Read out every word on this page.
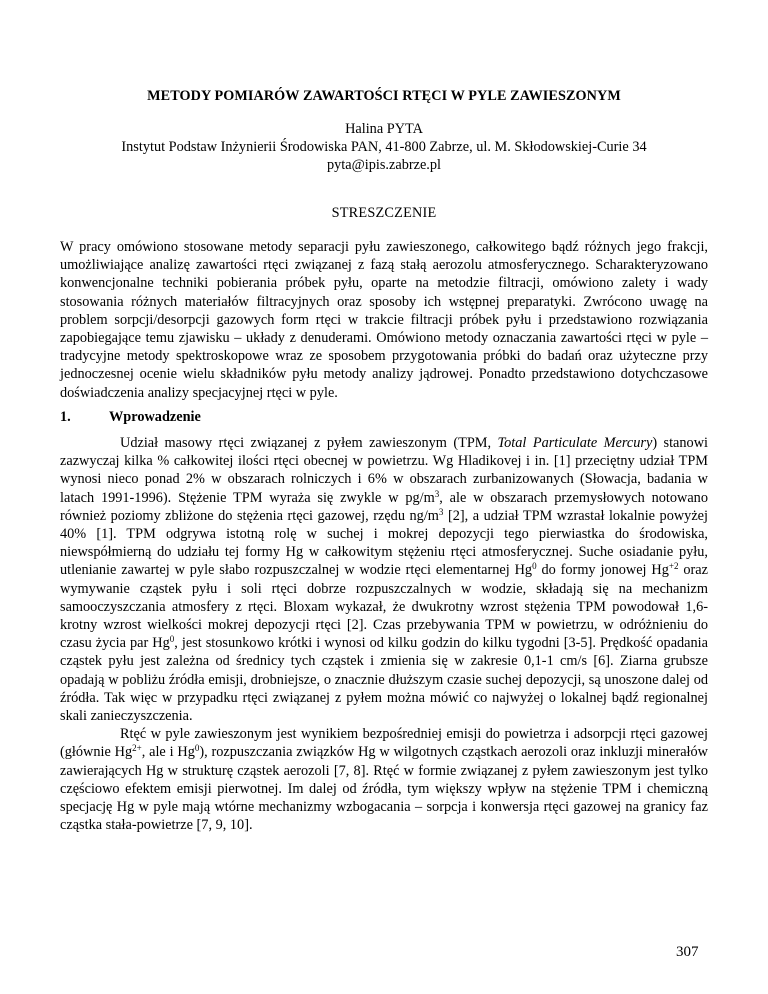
METODY POMIARÓW ZAWARTOŚCI RTĘCI W PYLE ZAWIESZONYM
Halina PYTA
Instytut Podstaw Inżynierii Środowiska PAN, 41-800 Zabrze, ul. M. Skłodowskiej-Curie 34
pyta@ipis.zabrze.pl
STRESZCZENIE

W pracy omówiono stosowane metody separacji pyłu zawieszonego, całkowitego bądź różnych jego frakcji, umożliwiające analizę zawartości rtęci związanej z fazą stałą aerozolu atmosferycznego. Scharakteryzowano konwencjonalne techniki pobierania próbek pyłu, oparte na metodzie filtracji, omówiono zalety i wady stosowania różnych materiałów filtracyjnych oraz sposoby ich wstępnej preparatyki. Zwrócono uwagę na problem sorpcji/desorpcji gazowych form rtęci w trakcie filtracji próbek pyłu i przedstawiono rozwiązania zapobiegające temu zjawisku – układy z denuderami. Omówiono metody oznaczania zawartości rtęci w pyle – tradycyjne metody spektroskopowe wraz ze sposobem przygotowania próbki do badań oraz użyteczne przy jednoczesnej ocenie wielu składników pyłu metody analizy jądrowej. Ponadto przedstawiono dotychczasowe doświadczenia analizy specjacyjnej rtęci w pyle.

1.	Wprowadzenie

Udział masowy rtęci związanej z pyłem zawieszonym (TPM, Total Particulate Mercury) stanowi zazwyczaj kilka % całkowitej ilości rtęci obecnej w powietrzu. Wg Hladikovej i in. [1] przeciętny udział TPM wynosi nieco ponad 2% w obszarach rolniczych i 6% w obszarach zurbanizowanych (Słowacja, badania w latach 1991-1996). Stężenie TPM wyraża się zwykle w $pg/m^3$, ale w obszarach przemysłowych notowano również poziomy zbliżone do stężenia rtęci gazowej, rzędu $ng/m^3$ [2], a udział TPM wzrastał lokalnie powyżej 40% [1]. TPM odgrywa istotną rolę w suchej i mokrej depozycji tego pierwiastka do środowiska, niewspółmierną do udziału tej formy Hg w całkowitym stężeniu rtęci atmosferycznej. Suche osiadanie pyłu, utlenianie zawartej w pyle słabo rozpuszczalnej w wodzie rtęci elementarnej Hg$^0$ do formy jonowej $Hg^{+2}$ oraz wymywanie cząstek pyłu i soli rtęci dobrze rozpuszczalnych w wodzie, składają się na mechanizm samooczyszczania atmosfery z rtęci. Bloxam wykazał, że dwukrotny wzrost stężenia TPM powodował 1,6-krotny wzrost wielkości mokrej depozycji rtęci [2]. Czas przebywania TPM w powietrzu, w odróżnieniu do czasu życia par Hg$^0$, jest stosunkowo krótki i wynosi od kilku godzin do kilku tygodni [3-5]. Prędkość opadania cząstek pyłu jest zależna od średnicy tych cząstek i zmienia się w zakresie 0,1-1 cm/s [6]. Ziarna grubsze opadają w pobliżu źródła emisji, drobniejsze, o znacznie dłuższym czasie suchej depozycji, są unoszone dalej od źródła. Tak więc w przypadku rtęci związanej z pyłem można mówić co najwyżej o lokalnej bądź regionalnej skali zanieczyszczenia.

Rtęć w pyle zawieszonym jest wynikiem bezpośredniej emisji do powietrza i adsorpcji rtęci gazowej (głównie $Hg^{2+}$, ale i Hg$^0$), rozpuszczania związków Hg w wilgotnych cząstkach aerozoli oraz inkluzji minerałów zawierających Hg w strukturę cząstek aerozoli [7, 8]. Rtęć w formie związanej z pyłem zawieszonym jest tylko częściowo efektem emisji pierwotnej. Im dalej od źródła, tym większy wpływ na stężenie TPM i chemiczną specjację Hg w pyle mają wtórne mechanizmy wzbogacania – sorpcja i konwersja rtęci gazowej na granicy faz cząstka stała-powietrze [7, 9, 10].

307
